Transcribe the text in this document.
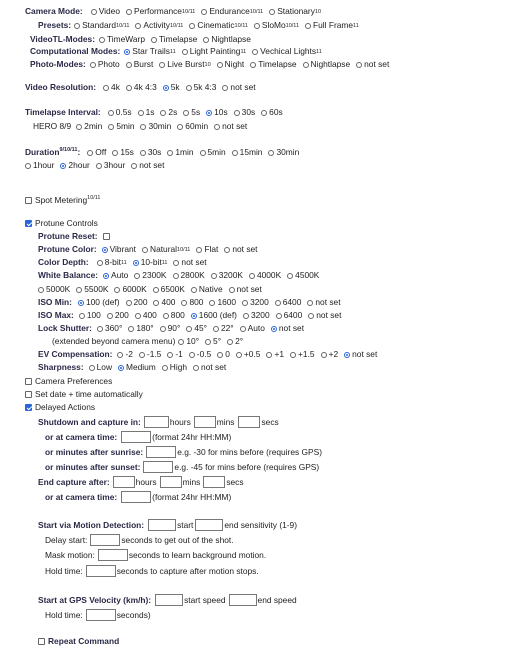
Camera Mode: Video Performance 10/11 Endurance 10/11 Stationary 10
Presets: Standard 10/11 Activity 10/11 Cinematic 10/11 SloMo 10/11 Full Frame 11
VideoTL-Modes: TimeWarp Timelapse Nightlapse
Computational Modes: Star Trails 11 Light Painting 11 Vechical Lights 11
Photo-Modes: Photo Burst Live Burst 10 Night Timelapse Nightlapse not set
Video Resolution: 4k 4k 4:3 5k 5k 4:3 not set
Timelapse Interval: 0.5s 1s 2s 5s 10s 30s 60s
HERO 8/9 2min 5min 30min 60min not set
Duration$^{9/10/11}$: Off 15s 30s 1min 5min 15min 30min
1hour 2hour 3hour not set
Spot Metering$^{10/11}$
Protune Controls
Protune Reset:
Protune Color: Vibrant Natural 10/11 Flat not set
Color Depth: 8-bit 11 10-bit 11 not set
White Balance: Auto 2300K 2800K 3200K 4000K 4500K
5000K 5500K 6000K 6500K Native not set
ISO Min: 100 (def) 200 400 800 1600 3200 6400 not set
ISO Max: 100 200 400 800 1600 (def) 3200 6400 not set
Lock Shutter: 360° 180° 90° 45° 22° Auto not set
(extended beyond camera menu) 10° 5° 2°
EV Compensation: -2 -1.5 -1 -0.5 0 +0.5 +1 +1.5 +2 not set
Sharpness: Low Medium High not set
Camera Preferences
Set date + time automatically
Delayed Actions
Shutdown and capture in:	hours	mins	secs
or at camera time:	(format 24hr HH:MM)
or minutes after sunrise:	e.g. -30 for mins before (requires GPS)
or minutes after sunset:	e.g. -45 for mins before (requires GPS)
End capture after:	hours	mins	secs
or at camera time:	(format 24hr HH:MM)
Start via Motion Detection:	start	end sensitivity (1-9)
Delay start:	seconds to get out of the shot.
Mask motion:	seconds to learn background motion.
Hold time:	seconds to capture after motion stops.
Start at GPS Velocity (km/h):	start speed	end speed
Hold time:	seconds)
Repeat Command
